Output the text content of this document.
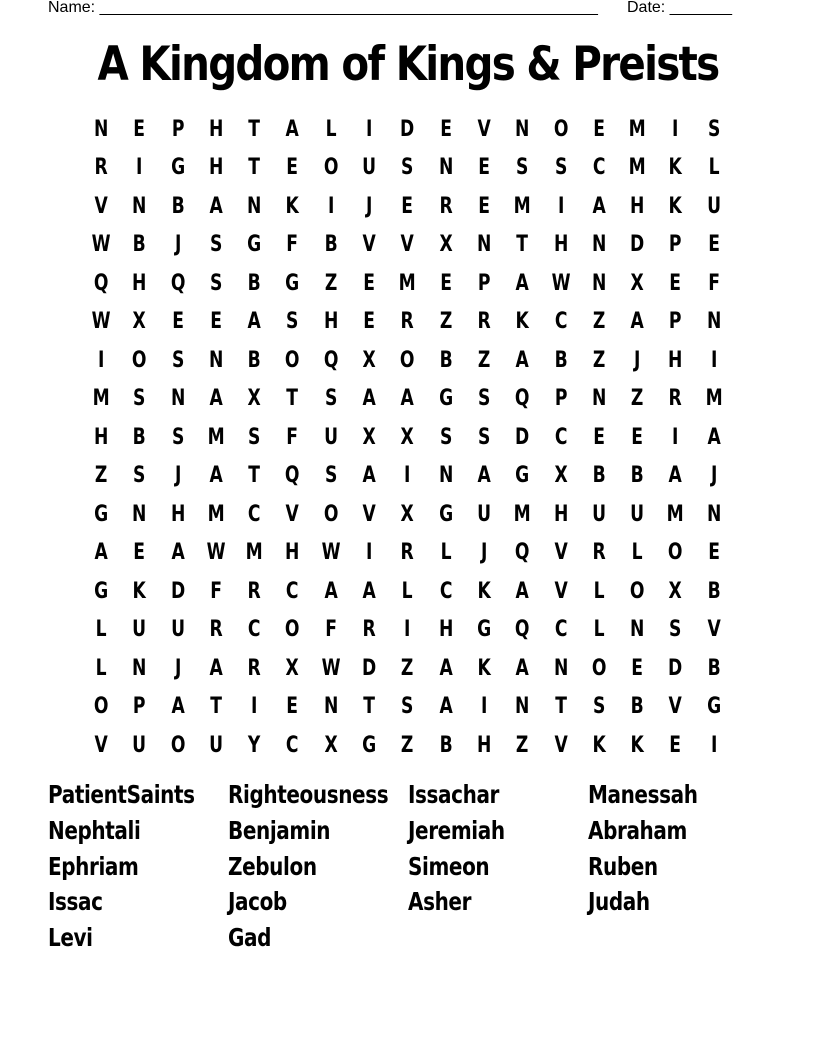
Name: ________________________________________________________ Date: _______
A Kingdom of Kings & Preists
N	E	P	H	T	A	L	I	D	E	V	N	O	E	M	I	S
R	I	G	H	T	E	O	U	S	N	E	S	S	C	M	K	L
V	N	B	A	N	K	I	J	E	R	E	M	I	A	H	K	U
W	B	J	S	G	F	B	V	V	X	N	T	H	N	D	P	E
Q	H	Q	S	B	G	Z	E	M	E	P	A	W N	X	E	F
W	X	E	E	A	S	H	E	R	Z	R	K	C	Z	A	P	N
I	O	S	N	B	O	Q	X	O	B	Z	A	B	Z	J	H	I
M	S	N	A	X	T	S	A	A	G	S	Q	P	N	Z	R	M
H	B	S	M	S	F	U	X	X	S	S	D	C	E	E	I	A
Z	S	J	A	T	Q	S	A	I	N	A	G	X	B	B	A	J
G	N	H	M	C	V	O	V	X	G	U	M	H	U	U	M	N
A	E	A	W M	H W	I	R	L	J	Q	V	R	L	O	E
G	K	D	F	R	C	A	A	L	C	K	A	V	L	O	X	B
L	U	U	R	C	O	F	R	I	H	G	Q	C	L	N	S	V
L	N	J	A	R	X	W D	Z	A	K	A	N	O	E	D	B
O	P	A	T	I	E	N	T	S	A	I	N	T	S	B	V	G
V	U	O	U	Y	C	X	G	Z	B	H	Z	V	K	K	E	I
PatientSaints Righteousness Issachar	Manessah
Nephtali	Benjamin	Jeremiah	Abraham
Ephriam	Zebulon	Simeon	Ruben
Issac	Jacob	Asher	Judah
Levi	Gad
